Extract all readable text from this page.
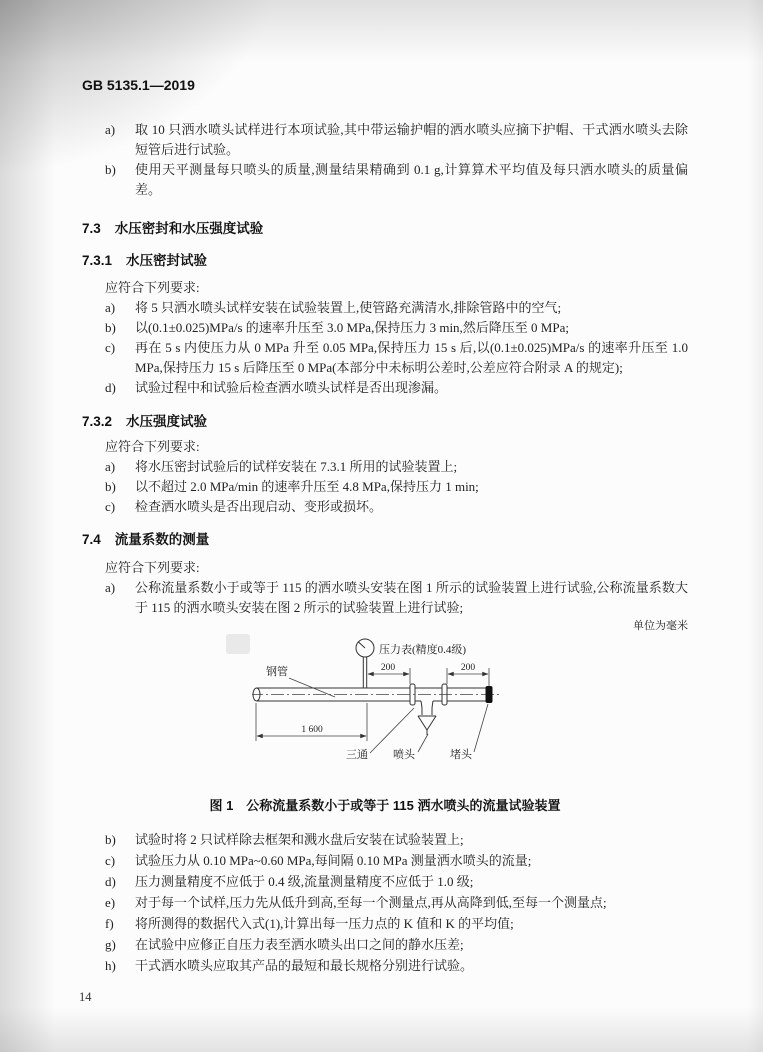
GB 5135.1—2019
a)	取 10 只洒水喷头试样进行本项试验,其中带运输护帽的洒水喷头应摘下护帽、干式洒水喷头去除短管后进行试验。
b)	使用天平测量每只喷头的质量,测量结果精确到 0.1 g,计算算术平均值及每只洒水喷头的质量偏差。
7.3 水压密封和水压强度试验
7.3.1 水压密封试验
应符合下列要求:
a)	将 5 只洒水喷头试样安装在试验装置上,使管路充满清水,排除管路中的空气;
b)	以(0.1±0.025)MPa/s 的速率升压至 3.0 MPa,保持压力 3 min,然后降压至 0 MPa;
c)	再在 5 s 内使压力从 0 MPa 升至 0.05 MPa,保持压力 15 s 后,以(0.1±0.025)MPa/s 的速率升压至 1.0 MPa,保持压力 15 s 后降压至 0 MPa(本部分中未标明公差时,公差应符合附录 A 的规定);
d)	试验过程中和试验后检查洒水喷头试样是否出现渗漏。
7.3.2 水压强度试验
应符合下列要求:
a)	将水压密封试验后的试样安装在 7.3.1 所用的试验装置上;
b)	以不超过 2.0 MPa/min 的速率升压至 4.8 MPa,保持压力 1 min;
c)	检查洒水喷头是否出现启动、变形或损坏。
7.4 流量系数的测量
应符合下列要求:
a)	公称流量系数小于或等于 115 的洒水喷头安装在图 1 所示的试验装置上进行试验,公称流量系数大于 115 的洒水喷头安装在图 2 所示的试验装置上进行试验;
单位为毫米
压力表(精度0.4级)
200	200
1 600
钢管
三通 喷头	堵头
图 1　公称流量系数小于或等于 115 洒水喷头的流量试验装置
b)	试验时将 2 只试样除去框架和溅水盘后安装在试验装置上;
c)	试验压力从 0.10 MPa~0.60 MPa,每间隔 0.10 MPa 测量洒水喷头的流量;
d)	压力测量精度不应低于 0.4 级,流量测量精度不应低于 1.0 级;
e)	对于每一个试样,压力先从低升到高,至每一个测量点,再从高降到低,至每一个测量点;
f)	将所测得的数据代入式(1),计算出每一压力点的 K 值和 K 的平均值;
g)	在试验中应修正自压力表至洒水喷头出口之间的静水压差;
h)	干式洒水喷头应取其产品的最短和最长规格分别进行试验。
14
